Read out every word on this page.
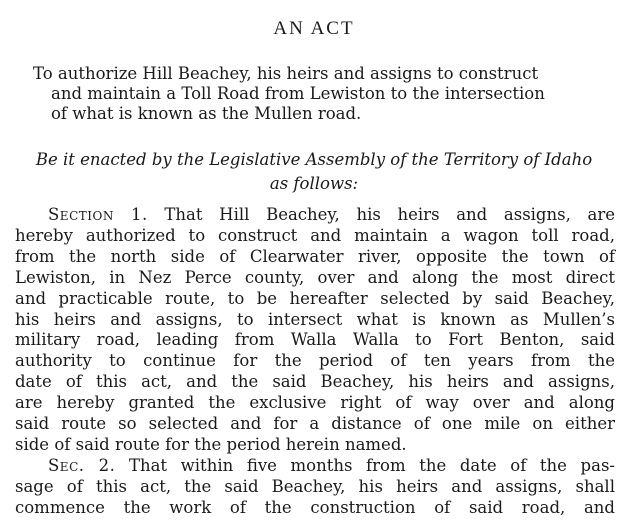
AN ACT
To authorize Hill Beachey, his heirs and assigns to construct
and maintain a Toll Road from Lewiston to the intersection
of what is known as the Mullen road.
Be it enacted by the Legislative Assembly of the Territory of Idaho
as follows:
Section 1. That Hill Beachey, his heirs and assigns, are
hereby authorized to construct and maintain a wagon toll road,
from the north side of Clearwater river, opposite the town of
Lewiston, in Nez Perce county, over and along the most direct
and practicable route, to be hereafter selected by said Beachey,
his heirs and assigns, to intersect what is known as Mullen’s
military road, leading from Walla Walla to Fort Benton, said
authority to continue for the period of ten years from the
date of this act, and the said Beachey, his heirs and assigns,
are hereby granted the exclusive right of way over and along
said route so selected and for a distance of one mile on either
side of said route for the period herein named.
Sec. 2. That within five months from the date of the pas-
sage of this act, the said Beachey, his heirs and assigns, shall
commence the work of the construction of said road, and
